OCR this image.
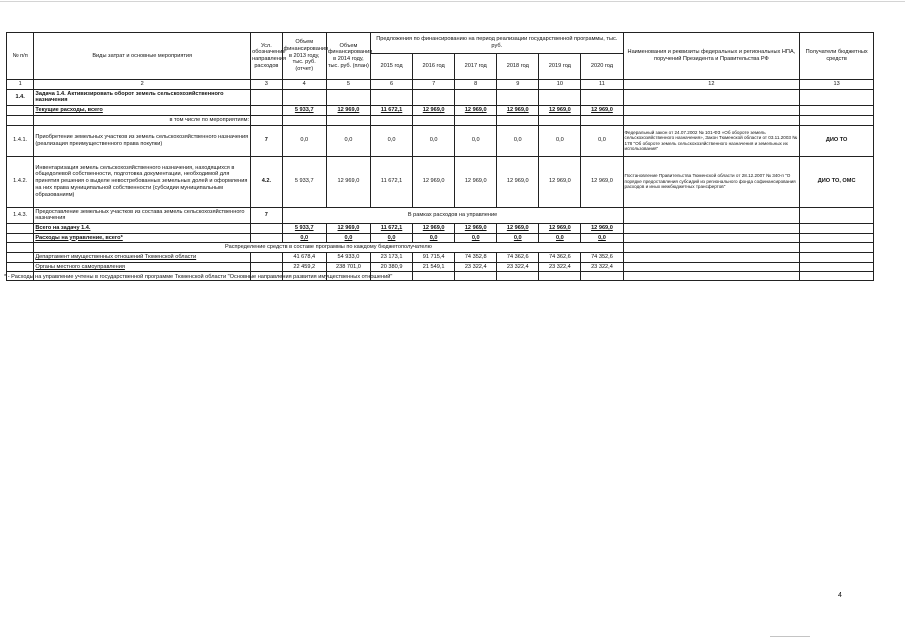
№ п/п	Виды затрат и основные мероприятия	Усл. обозначение направления расходов	Объем финансирования в 2013 году, тыс. руб. (отчет)	Объем финансирования в 2014 году, тыс. руб. (план)	Предложения по финансированию на период реализации государственной программы, тыс. руб.						Наименования и реквизиты федеральных и региональных НПА, поручений Президента и Правительства РФ	Получатели бюджетных средств
					2015 год	2016 год	2017 год	2018 год	2019 год	2020 год		
1	2	3	4	5	6	7	8	9	10	11	12	13
1.4.	Задача 1.4. Активизировать оборот земель сельскохозяйственного назначения											
	Текущие расходы, всего		5 933,7	12 969,0	11 672,1	12 969,0	12 969,0	12 969,0	12 969,0	12 969,0		
	в том числе по мероприятиям:											
1.4.1.	Приобретение земельных участков из земель сельскохозяйственного назначения (реализация преимущественного права покупки)	7	0,0	0,0	0,0	0,0	0,0	0,0	0,0	0,0	Федеральный закон от 24.07.2002 № 101-ФЗ «Об обороте земель сельскохозяйственного назначения», Закон Тюменской области от 03.11.2003 № 178 "Об обороте земель сельскохозяйственного назначения и земельных их использования"	ДИО ТО
1.4.2.	Инвентаризация земель сельскохозяйственного назначения, находящихся в общедолевой собственности, подготовка документации, необходимой для принятия решения о выделе невостребованных земельных долей и оформления на них права муниципальной собственности (субсидии муниципальным образованиям)	4.2.	5 933,7	12 969,0	11 672,1	12 969,0	12 969,0	12 969,0	12 969,0	12 969,0	Постановление Правительства Тюменской области от 28.12.2007 № 340-п "О порядке предоставления субсидий из регионального фонда софинансирования расходов и иных межбюджетных трансфертов"	ДИО ТО, ОМС
1.4.3.	Предоставление земельных участков из состава земель сельскохозяйственного назначения	7	В рамках расходов на управление									
	Всего на задачу 1.4.		5 933,7	12 969,0	11 672,1	12 969,0	12 969,0	12 969,0	12 969,0	12 969,0		
	Расходы на управление, всего*		0,0	0,0	0,0	0,0	0,0	0,0	0,0	0,0		
	Распределение средств в составе программы по каждому бюджетополучателю											
	Департамент имущественных отношений Тюменской области		41 678,4	54 933,0	23 173,1	91 715,4	74 352,8	74 362,6	74 362,6	74 352,6		
	Органы местного самоуправления		22 459,2	238 701,0	20 380,9	21 549,1	23 322,4	23 322,4	23 322,4	23 322,4		

* - Расходы на управление учтены в государственной программе Тюменской области "Основные направления развития имущественных отношений"
4
